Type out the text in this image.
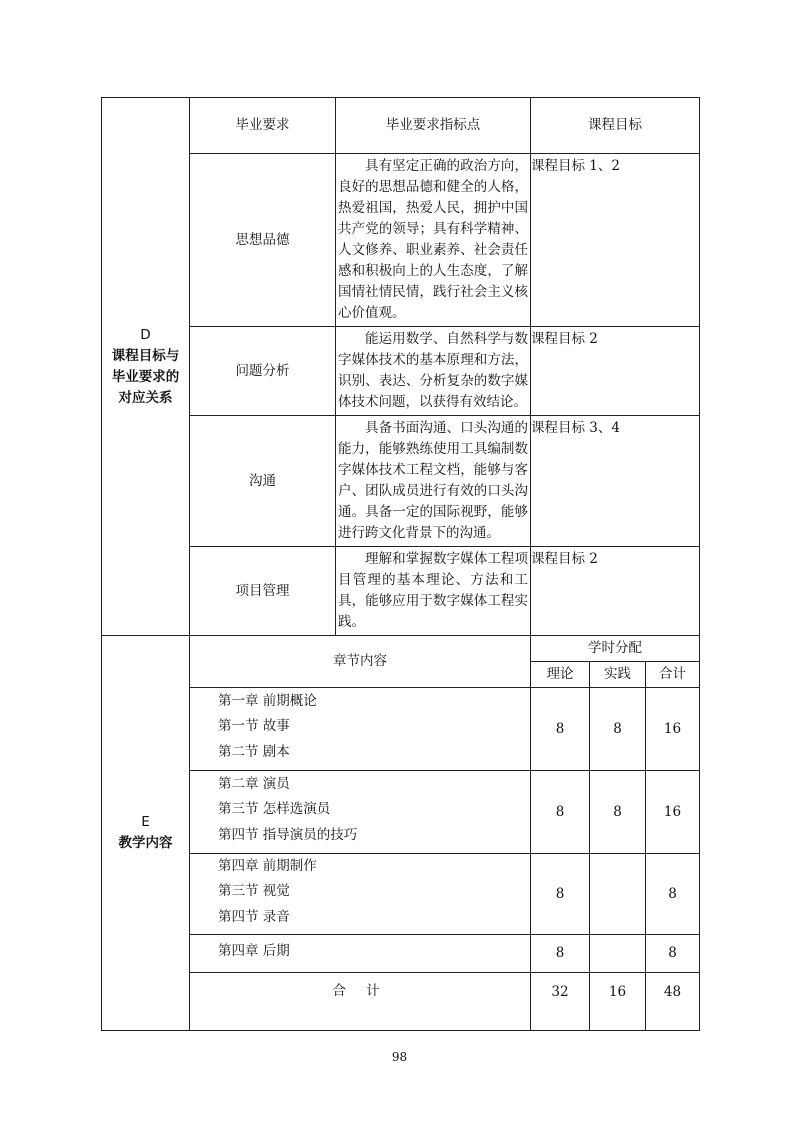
D
课程目标与
毕业要求的
对应关系	毕业要求	毕业要求指标点	课程目标		
	思想品德	具有坚定正确的政治方向，良好的思想品德和健全的人格，热爱祖国，热爱人民，拥护中国共产党的领导；具有科学精神、人文修养、职业素养、社会责任感和积极向上的人生态度，了解国情社情民情，践行社会主义核心价值观。	课程目标 1、2		
	问题分析	能运用数学、自然科学与数字媒体技术的基本原理和方法，识别、表达、分析复杂的数字媒体技术问题，以获得有效结论。	课程目标 2		
	沟通	具备书面沟通、口头沟通的能力，能够熟练使用工具编制数字媒体技术工程文档，能够与客户、团队成员进行有效的口头沟通。具备一定的国际视野，能够进行跨文化背景下的沟通。	课程目标 3、4		
	项目管理	理解和掌握数字媒体工程项目管理的基本理论、方法和工具，能够应用于数字媒体工程实践。	课程目标 2		

E
教学内容	章节内容		学时分配		
			理论	实践	合计

	第一章 前期概论
第一节 故事
第二节 剧本		8	8	16

	第二章 演员
第三节 怎样选演员
第四节 指导演员的技巧		8	8	16

	第四章 前期制作
第三节 视觉
第四节 录音		8		8

	第四章 后期		8		8
	合 计		32	16	48
98
